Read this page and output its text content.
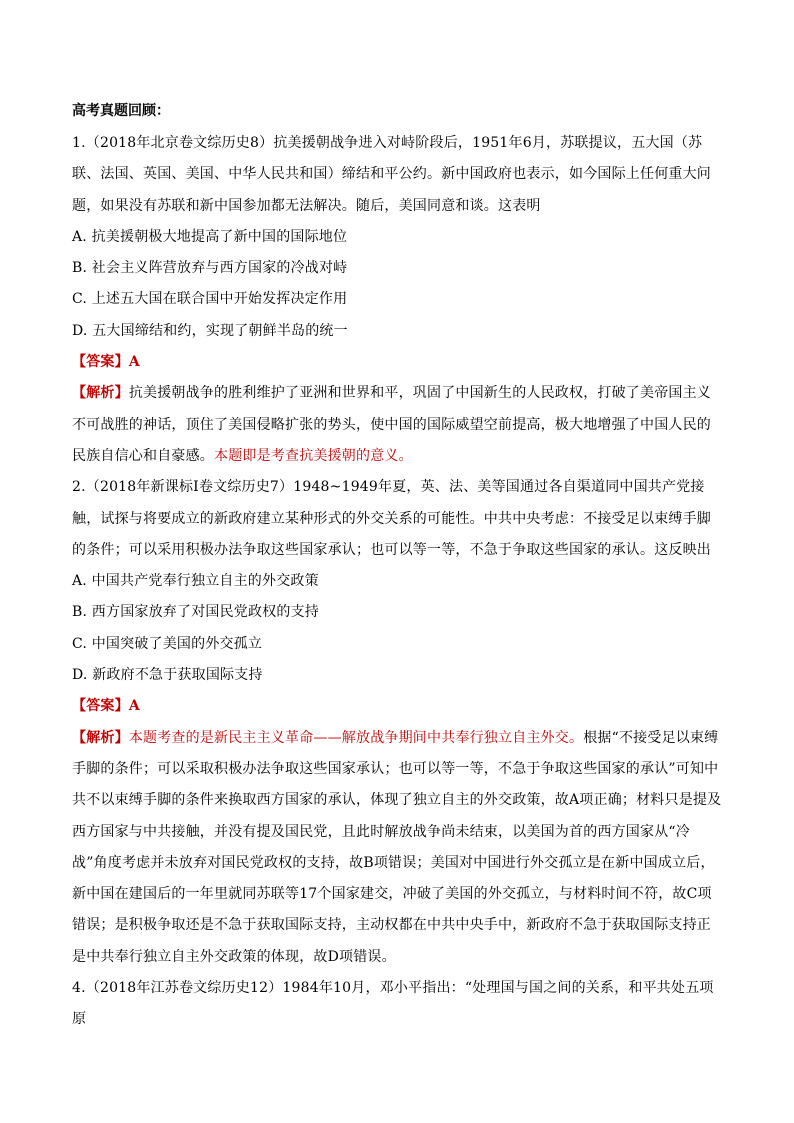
高考真题回顾：

1.（2018年北京卷文综历史8）抗美援朝战争进入对峙阶段后，1951年6月，苏联提议，五大国（苏联、法国、英国、美国、中华人民共和国）缔结和平公约。新中国政府也表示，如今国际上任何重大问题，如果没有苏联和新中国参加都无法解决。随后，美国同意和谈。这表明

A. 抗美援朝极大地提高了新中国的国际地位

B. 社会主义阵营放弃与西方国家的冷战对峙

C. 上述五大国在联合国中开始发挥决定作用

D. 五大国缔结和约，实现了朝鲜半岛的统一

【答案】A

【解析】抗美援朝战争的胜利维护了亚洲和世界和平，巩固了中国新生的人民政权，打破了美帝国主义不可战胜的神话，顶住了美国侵略扩张的势头，使中国的国际威望空前提高，极大地增强了中国人民的民族自信心和自豪感。本题即是考查抗美援朝的意义。

2.（2018年新课标Ⅰ卷文综历史7）1948~1949年夏，英、法、美等国通过各自渠道同中国共产党接触，试探与将要成立的新政府建立某种形式的外交关系的可能性。中共中央考虑：不接受足以束缚手脚的条件；可以采用积极办法争取这些国家承认；也可以等一等，不急于争取这些国家的承认。这反映出

A. 中国共产党奉行独立自主的外交政策

B. 西方国家放弃了对国民党政权的支持

C. 中国突破了美国的外交孤立

D. 新政府不急于获取国际支持

【答案】A

【解析】本题考查的是新民主主义革命——解放战争期间中共奉行独立自主外交。根据“不接受足以束缚手脚的条件；可以采取积极办法争取这些国家承认；也可以等一等，不急于争取这些国家的承认”可知中共不以束缚手脚的条件来换取西方国家的承认，体现了独立自主的外交政策，故A项正确；材料只是提及西方国家与中共接触，并没有提及国民党，且此时解放战争尚未结束，以美国为首的西方国家从“冷战”角度考虑并未放弃对国民党政权的支持，故B项错误；美国对中国进行外交孤立是在新中国成立后，新中国在建国后的一年里就同苏联等17个国家建交，冲破了美国的外交孤立，与材料时间不符，故C项错误；是积极争取还是不急于获取国际支持，主动权都在中共中央手中，新政府不急于获取国际支持正是中共奉行独立自主外交政策的体现，故D项错误。

4.（2018年江苏卷文综历史12）1984年10月，邓小平指出：“处理国与国之间的关系，和平共处五项原
